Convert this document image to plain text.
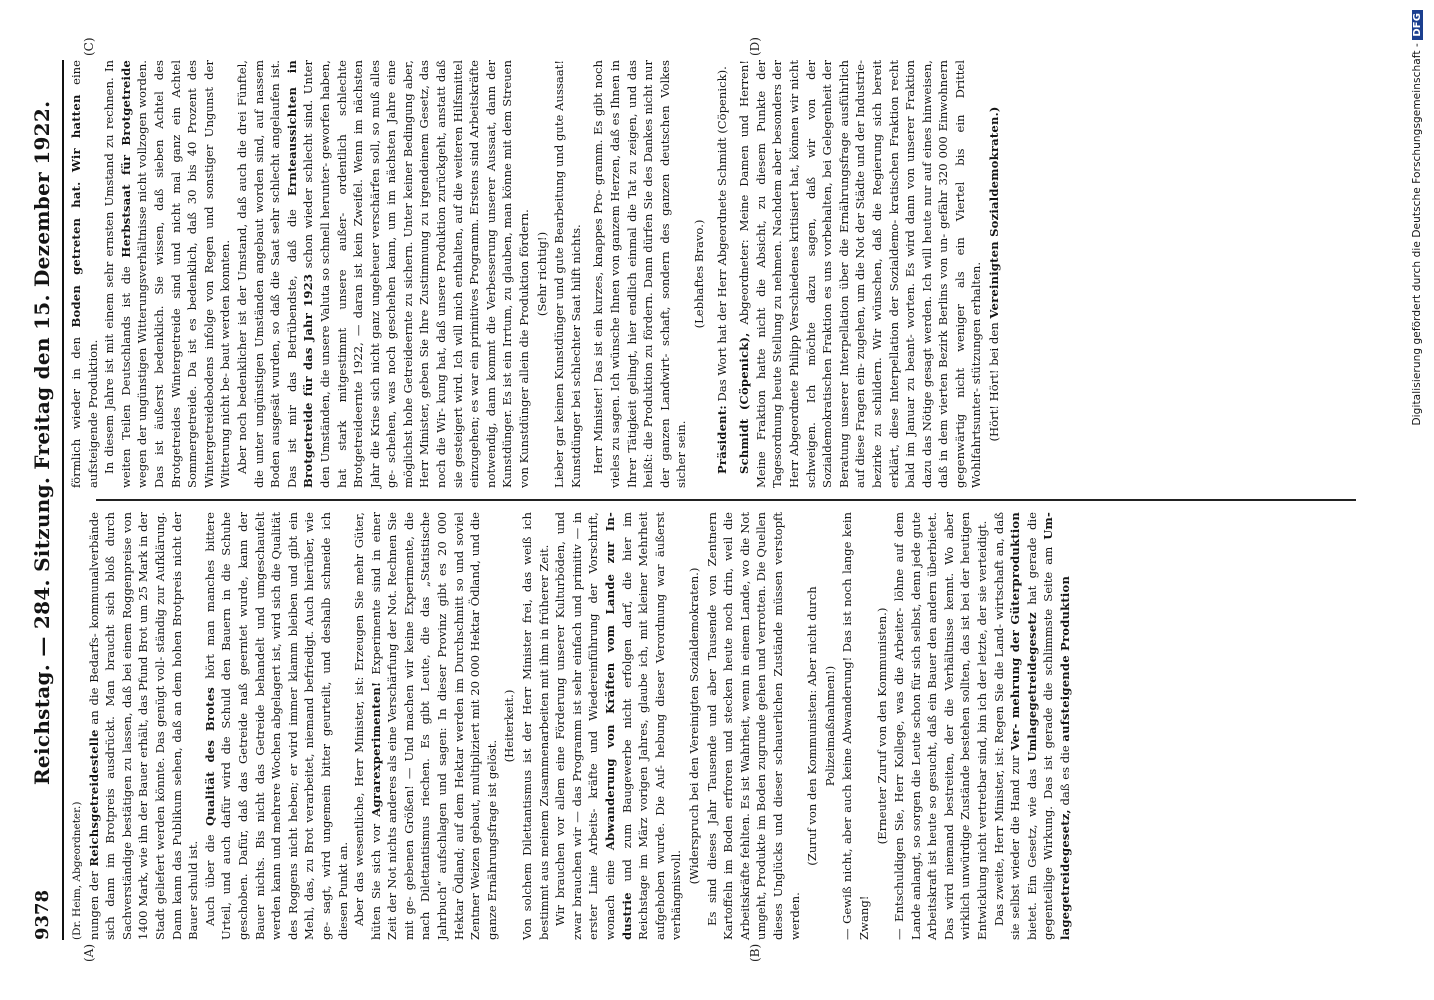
9378
Reichstag. — 284. Sitzung. Freitag den 15. Dezember 1922.
(A)	(B)
(C)	(D)

(Dr. Heim, Abgeordneter.) nungen der Reichsgetreidestelle an die Bedarfs- kommunalverbände sich dann im Brotpreis ausdrückt. Man braucht sich bloß durch Sachverständige bestätigen zu lassen, daß bei einem Roggenpreise von 1400 Mark, wie ihn der Bauer erhält, das Pfund Brot um 25 Mark in der Stadt geliefert werden könnte. Das genügt voll- ständig zur Aufklärung. Dann kann das Publikum sehen, daß an dem hohen Brotpreis nicht der Bauer schuld ist. Auch über die Qualität des Brotes hört man manches bittere Urteil, und auch dafür wird die Schuld den Bauern in die Schuhe geschoben. Dafür, daß das Getreide naß geerntet wurde, kann der Bauer nichts. Bis nicht das Getreide behandelt und umgeschaufelt werden kann und mehrere Wochen abgelagert ist, wird sich die Qualität des Roggens nicht heben; er wird immer klamm bleiben und gibt ein Mehl, das, zu Brot verarbeitet, niemand befriedigt. Auch hierüber, wie ge- sagt, wird ungemein bitter geurteilt, und deshalb schneide ich diesen Punkt an. Aber das wesentliche, Herr Minister, ist: Erzeugen Sie mehr Güter, hüten Sie sich vor Agrarexperimenten! Experimente sind in einer Zeit der Not nichts anderes als eine Verschärfung der Not. Rechnen Sie mit ge- gebenen Größen! — Und machen wir keine Experimente, die nach Dilettantismus riechen. Es gibt Leute, die das „Statistische Jahrbuch“ aufschlagen und sagen: In dieser Provinz gibt es 20 000 Hektar Ödland; auf dem Hektar werden im Durchschnitt so und soviel Zentner Weizen gebaut, multipliziert mit 20 000 Hektar Ödland, und die ganze Ernährungsfrage ist gelöst.

(Heiterkeit.) Von solchem Dilettantismus ist der Herr Minister frei, das weiß ich bestimmt aus meinem Zusammenarbeiten mit ihm in früherer Zeit. Wir brauchen vor allem eine Förderung unserer Kulturböden, und zwar brauchen wir — das Programm ist sehr einfach und primitiv — in erster Linie Arbeits- kräfte und Wiedereinführung der Vorschrift, wonach eine Abwanderung von Kräften vom Lande zur In- dustrie und zum Baugewerbe nicht erfolgen darf, die hier im Reichstage im März vorigen Jahres, glaube ich, mit kleiner Mehrheit aufgehoben wurde. Die Auf- hebung dieser Verordnung war äußerst verhängnisvoll.

(Widerspruch bei den Vereinigten Sozialdemokraten.) Es sind dieses Jahr Tausende und aber Tausende von Zentnern Kartoffeln im Boden erfroren und stecken heute noch drin, weil die Arbeitskräfte fehlten. Es ist Wahrheit, wenn in einem Lande, wo die Not umgeht, Produkte im Boden zugrunde gehen und verrotten. Die Quellen dieses Unglücks und dieser schauerlichen Zustände müssen verstopft werden.

(Zuruf von den Kommunisten: Aber nicht durch Polizeimaßnahmen!) — Gewiß nicht, aber auch keine Abwanderung! Das ist noch lange kein Zwang!

(Erneuter Zuruf von den Kommunisten.) — Entschuldigen Sie, Herr Kollege, was die Arbeiter- löhne auf dem Lande anlangt, so sorgen die Leute schon für sich selbst, denn jede gute Arbeitskraft ist heute so gesucht, daß ein Bauer den andern überbietet. Das wird niemand bestreiten, der die Verhältnisse kennt. Wo aber wirklich unwürdige Zustände bestehen sollten, das ist bei der heutigen Entwicklung nicht vertretbar sind, bin ich der letzte, der sie verteidigt. Das zweite, Herr Minister, ist: Regen Sie die Land- wirtschaft an, daß sie selbst wieder die Hand zur Ver- mehrung der Güterproduktion bietet. Ein Gesetz, wie das Umlagegetreidegesetz hat gerade die gegenteilige Wirkung. Das ist gerade die schlimmste Seite am Um- lagegetreidegesetz, daß es die aufsteigende Produktion

förmlich wieder in den Boden getreten hat. Wir hatten eine aufsteigende Produktion. In diesem Jahre ist mit einem sehr ernsten Umstand zu rechnen. In weiten Teilen Deutschlands ist die Herbstsaat für Brotgetreide wegen der ungünstigen Witterungsverhältnisse nicht vollzogen worden. Das ist äußerst bedenklich. Sie wissen, daß sieben Achtel des Brotgetreides Wintergetreide sind und nicht mal ganz ein Achtel Sommergetreide. Da ist es bedenklich, daß 30 bis 40 Prozent des Wintergetreidebodens infolge von Regen und sonstiger Ungunst der Witterung nicht be- baut werden konnten. Aber noch bedenklicher ist der Umstand, daß auch die drei Fünftel, die unter ungünstigen Umständen angebaut worden sind, auf nassem Boden ausgesät wurden, so daß die Saat sehr schlecht angelaufen ist. Das ist mir das Betrübendste, daß die Ernteaussichten in Brotgetreide für das Jahr 1923 schon wieder schlecht sind. Unter den Umständen, die unsere Valuta so schnell herunter- geworfen haben, hat stark mitgestimmt unsere außer- ordentlich schlechte Brotgetreideernte 1922, — daran ist kein Zweifel. Wenn im nächsten Jahr die Krise sich nicht ganz ungeheuer verschärfen soll, so muß alles ge- schehen, was noch geschehen kann, um im nächsten Jahre eine möglichst hohe Getreideernte zu sichern. Unter keiner Bedingung aber, Herr Minister, geben Sie Ihre Zustimmung zu irgendeinem Gesetz, das noch die Wir- kung hat, daß unsere Produktion zurückgeht, anstatt daß sie gesteigert wird. Ich will mich enthalten, auf die weiteren Hilfsmittel einzugehen; es war ein primitives Programm. Erstens sind Arbeitskräfte notwendig, dann kommt die Verbesserung unserer Aussaat, dann der Kunstdünger. Es ist ein Irrtum, zu glauben, man könne mit dem Streuen von Kunstdünger allein die Produktion fördern. (Sehr richtig!) Lieber gar keinen Kunstdünger und gute Bearbeitung und gute Aussaat! Kunstdünger bei schlechter Saat hilft nichts. Herr Minister! Das ist ein kurzes, knappes Pro- gramm. Es gibt noch vieles zu sagen. Ich wünsche Ihnen von ganzem Herzen, daß es Ihnen in Ihrer Tätigkeit gelingt, hier endlich einmal die Tat zu zeigen, und das heißt: die Produktion zu fördern. Dann dürfen Sie des Dankes nicht nur der ganzen Landwirt- schaft, sondern des ganzen deutschen Volkes sicher sein.

(Lebhaftes Bravo.)

Präsident: Das Wort hat der Herr Abgeordnete Schmidt (Cöpenick).

Schmidt (Cöpenick), Abgeordneter: Meine Damen und Herren! Meine Fraktion hatte nicht die Absicht, zu diesem Punkte der Tagesordnung heute Stellung zu nehmen. Nachdem aber besonders der Herr Abgeordnete Philipp Verschiedenes kritisiert hat, können wir nicht schweigen. Ich möchte dazu sagen, daß wir von der Sozialdemokratischen Fraktion es uns vorbehalten, bei Gelegenheit der Beratung unserer Interpellation über die Ernährungsfrage ausführlich auf diese Fragen ein- zugehen, um die Not der Städte und der Industrie- bezirke zu schildern. Wir wünschen, daß die Regierung sich bereit erklärt, diese Interpellation der Sozialdemo- kratischen Fraktion recht bald im Januar zu beant- worten. Es wird dann von unserer Fraktion dazu das Nötige gesagt werden. Ich will heute nur auf eines hinweisen, daß in dem vierten Bezirk Berlins von un- gefähr 320 000 Einwohnern gegenwärtig nicht weniger als ein Viertel bis ein Drittel Wohlfahrtsunter- stützungen erhalten. (Hört! Hört! bei den Vereinigten Sozialdemokraten.)	Digitalisierung gefördert durch die Deutsche Forschungsgemeinschaft - DFG
